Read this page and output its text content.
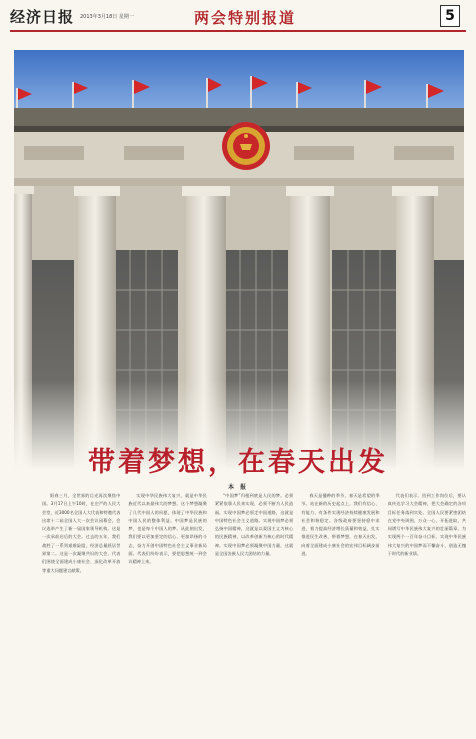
经济日报 2013年3月18日 星期一	两会特别报道	5
带着梦想，在春天出发
本 报

阳春三月，全世界的目光再次聚焦中国。3月17日上午10时，在庄严的人民大会堂，近3000名全国人大代表和特邀代表出席十二届全国人大一次会议闭幕会，会议选举产生了新一届国家领导机构。这是一次承前启后的大会。过去的五年，我们战胜了一系列艰难险阻，经济总量跃居世界第二。这是一次凝聚共识的大会，代表们围绕全面建成小康社会、深化改革开放等重大问题建言献策。

实现中华民族伟大复兴，就是中华民族近代以来最伟大的梦想。这个梦想凝聚了几代中国人的夙愿，体现了中华民族和中国人民的整体利益。中国梦是民族的梦，也是每个中国人的梦。从此刻出发，我们要以更加坚定的信心、更加昂扬的斗志，奋力开创中国特色社会主义事业新局面。代表们纷纷表示，要把思想统一到会议精神上来。

“中国梦”归根到底是人民的梦。必须紧紧依靠人民来实现，必须不断为人民造福。实现中国梦必须走中国道路，这就是中国特色社会主义道路。实现中国梦必须弘扬中国精神，这就是以爱国主义为核心的民族精神，以改革创新为核心的时代精神。实现中国梦必须凝聚中国力量，这就是全国各族人民大团结的力量。

春天是播种的季节，春天是希望的季节。站在新的历史起点上，我们有信心、有能力、有条件实现经济持续健康发展和社会和谐稳定。各级政府要坚持稳中求进，着力提高经济增长质量和效益，扎实推进民生改善，带着梦想，在春天出发，向着全面建成小康社会的宏伟目标阔步前进。

代表们表示，回到工作岗位后，要认真传达学习大会精神，把大会确定的各项目标任务落到实处。全国人民要紧密团结在党中央周围，万众一心，开拓进取，共同谱写中华民族伟大复兴的壮丽篇章，为实现两个一百年奋斗目标、实现中华民族伟大复兴的中国梦而不懈奋斗，创造无愧于时代的新业绩。
